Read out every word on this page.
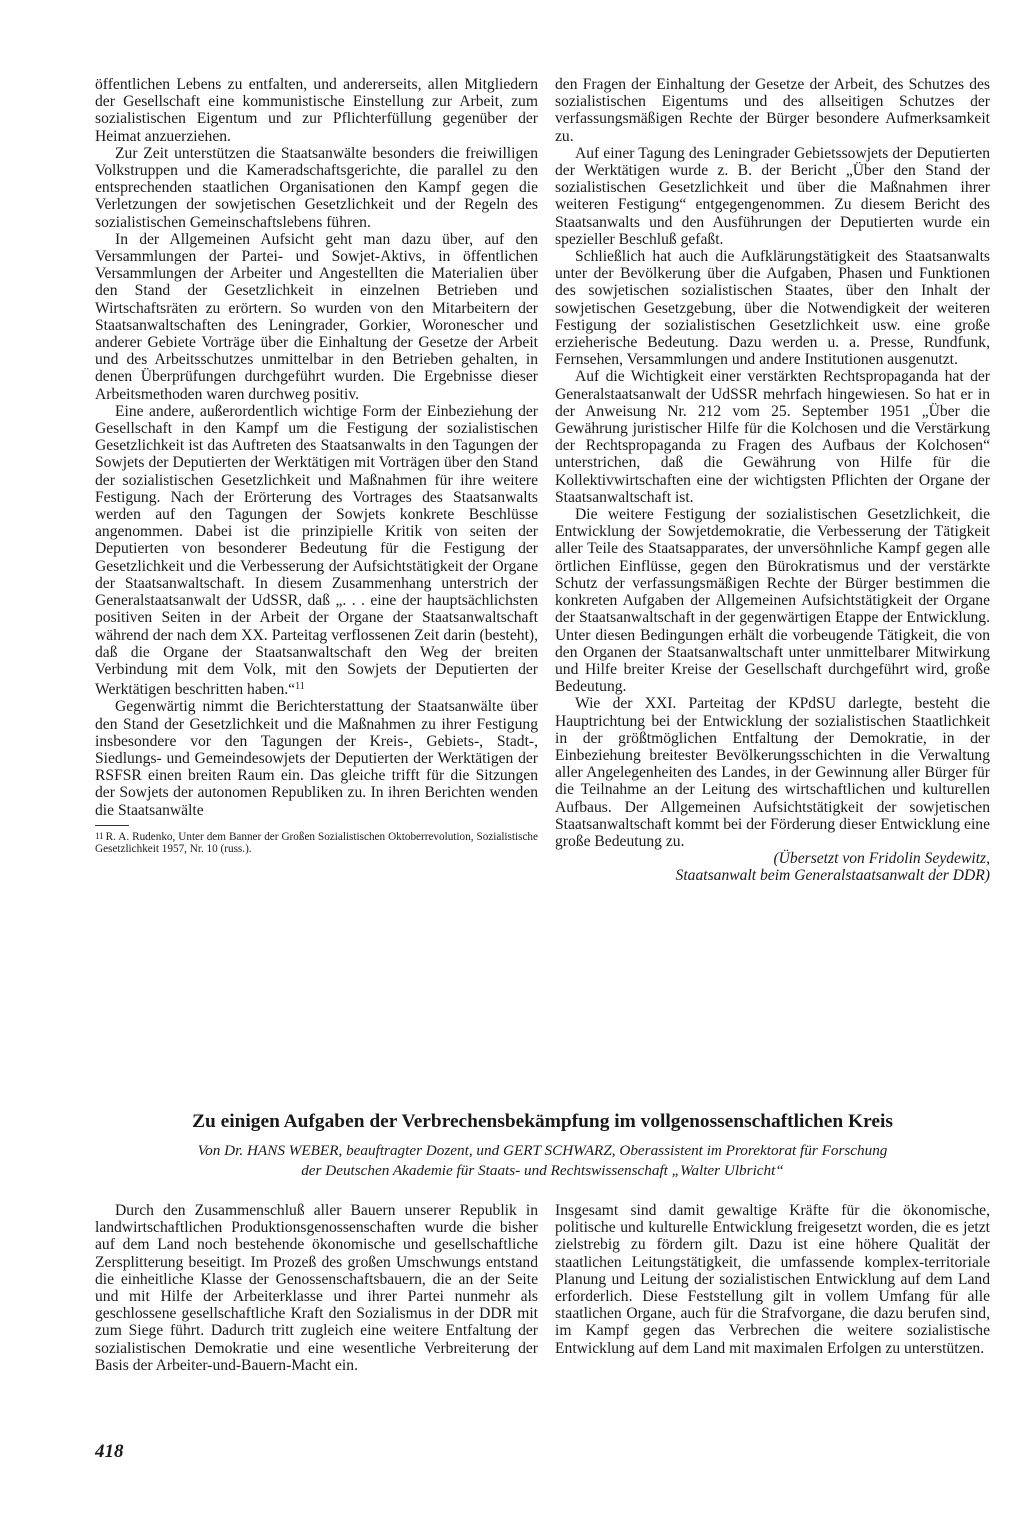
öffentlichen Lebens zu entfalten, und andererseits, allen Mitgliedern der Gesellschaft eine kommunistische Einstellung zur Arbeit, zum sozialistischen Eigentum und zur Pflichterfüllung gegenüber der Heimat anzuerziehen.

Zur Zeit unterstützen die Staatsanwälte besonders die freiwilligen Volkstruppen und die Kameradschaftsgerichte, die parallel zu den entsprechenden staatlichen Organisationen den Kampf gegen die Verletzungen der sowjetischen Gesetzlichkeit und der Regeln des sozialistischen Gemeinschaftslebens führen.

In der Allgemeinen Aufsicht geht man dazu über, auf den Versammlungen der Partei- und Sowjet-Aktivs, in öffentlichen Versammlungen der Arbeiter und Angestellten die Materialien über den Stand der Gesetzlichkeit in einzelnen Betrieben und Wirtschaftsräten zu erörtern. So wurden von den Mitarbeitern der Staatsanwaltschaften des Leningrader, Gorkier, Woronescher und anderer Gebiete Vorträge über die Einhaltung der Gesetze der Arbeit und des Arbeitsschutzes unmittelbar in den Betrieben gehalten, in denen Überprüfungen durchgeführt wurden. Die Ergebnisse dieser Arbeitsmethoden waren durchweg positiv.

Eine andere, außerordentlich wichtige Form der Einbeziehung der Gesellschaft in den Kampf um die Festigung der sozialistischen Gesetzlichkeit ist das Auftreten des Staatsanwalts in den Tagungen der Sowjets der Deputierten der Werktätigen mit Vorträgen über den Stand der sozialistischen Gesetzlichkeit und Maßnahmen für ihre weitere Festigung. Nach der Erörterung des Vortrages des Staatsanwalts werden auf den Tagungen der Sowjets konkrete Beschlüsse angenommen. Dabei ist die prinzipielle Kritik von seiten der Deputierten von besonderer Bedeutung für die Festigung der Gesetzlichkeit und die Verbesserung der Aufsichtstätigkeit der Organe der Staatsanwaltschaft. In diesem Zusammenhang unterstrich der Generalstaatsanwalt der UdSSR, daß „. . . eine der hauptsächlichsten positiven Seiten in der Arbeit der Organe der Staatsanwaltschaft während der nach dem XX. Parteitag verflossenen Zeit darin (besteht), daß die Organe der Staatsanwaltschaft den Weg der breiten Verbindung mit dem Volk, mit den Sowjets der Deputierten der Werktätigen beschritten haben.“$^{11}$

Gegenwärtig nimmt die Berichterstattung der Staatsanwälte über den Stand der Gesetzlichkeit und die Maßnahmen zu ihrer Festigung insbesondere vor den Tagungen der Kreis-, Gebiets-, Stadt-, Siedlungs- und Gemeindesowjets der Deputierten der Werktätigen der RSFSR einen breiten Raum ein. Das gleiche trifft für die Sitzungen der Sowjets der autonomen Republiken zu. In ihren Berichten wenden die Staatsanwälte

11 R. A. Rudenko, Unter dem Banner der Großen Sozialistischen Oktoberrevolution, Sozialistische Gesetzlichkeit 1957, Nr. 10 (russ.).

den Fragen der Einhaltung der Gesetze der Arbeit, des Schutzes des sozialistischen Eigentums und des allseitigen Schutzes der verfassungsmäßigen Rechte der Bürger besondere Aufmerksamkeit zu.

Auf einer Tagung des Leningrader Gebietssowjets der Deputierten der Werktätigen wurde z. B. der Bericht „Über den Stand der sozialistischen Gesetzlichkeit und über die Maßnahmen ihrer weiteren Festigung“ entgegengenommen. Zu diesem Bericht des Staatsanwalts und den Ausführungen der Deputierten wurde ein spezieller Beschluß gefaßt.

Schließlich hat auch die Aufklärungstätigkeit des Staatsanwalts unter der Bevölkerung über die Aufgaben, Phasen und Funktionen des sowjetischen sozialistischen Staates, über den Inhalt der sowjetischen Gesetzgebung, über die Notwendigkeit der weiteren Festigung der sozialistischen Gesetzlichkeit usw. eine große erzieherische Bedeutung. Dazu werden u. a. Presse, Rundfunk, Fernsehen, Versammlungen und andere Institutionen ausgenutzt.

Auf die Wichtigkeit einer verstärkten Rechtspropaganda hat der Generalstaatsanwalt der UdSSR mehrfach hingewiesen. So hat er in der Anweisung Nr. 212 vom 25. September 1951 „Über die Gewährung juristischer Hilfe für die Kolchosen und die Verstärkung der Rechtspropaganda zu Fragen des Aufbaus der Kolchosen“ unterstrichen, daß die Gewährung von Hilfe für die Kollektivwirtschaften eine der wichtigsten Pflichten der Organe der Staatsanwaltschaft ist.

Die weitere Festigung der sozialistischen Gesetzlichkeit, die Entwicklung der Sowjetdemokratie, die Verbesserung der Tätigkeit aller Teile des Staatsapparates, der unversöhnliche Kampf gegen alle örtlichen Einflüsse, gegen den Bürokratismus und der verstärkte Schutz der verfassungsmäßigen Rechte der Bürger bestimmen die konkreten Aufgaben der Allgemeinen Aufsichtstätigkeit der Organe der Staatsanwaltschaft in der gegenwärtigen Etappe der Entwicklung. Unter diesen Bedingungen erhält die vorbeugende Tätigkeit, die von den Organen der Staatsanwaltschaft unter unmittelbarer Mitwirkung und Hilfe breiter Kreise der Gesellschaft durchgeführt wird, große Bedeutung.

Wie der XXI. Parteitag der KPdSU darlegte, besteht die Hauptrichtung bei der Entwicklung der sozialistischen Staatlichkeit in der größtmöglichen Entfaltung der Demokratie, in der Einbeziehung breitester Bevölkerungsschichten in die Verwaltung aller Angelegenheiten des Landes, in der Gewinnung aller Bürger für die Teilnahme an der Leitung des wirtschaftlichen und kulturellen Aufbaus. Der Allgemeinen Aufsichtstätigkeit der sowjetischen Staatsanwaltschaft kommt bei der Förderung dieser Entwicklung eine große Bedeutung zu.

(Übersetzt von Fridolin Seydewitz,

Staatsanwalt beim Generalstaatsanwalt der DDR)

Zu einigen Aufgaben der Verbrechensbekämpfung im vollgenossenschaftlichen Kreis
Von Dr. HANS WEBER, beauftragter Dozent, und GERT SCHWARZ, Oberassistent im Prorektorat für Forschung
der Deutschen Akademie für Staats- und Rechtswissenschaft „Walter Ulbricht“

Durch den Zusammenschluß aller Bauern unserer Republik in landwirtschaftlichen Produktionsgenossenschaften wurde die bisher auf dem Land noch bestehende ökonomische und gesellschaftliche Zersplitterung beseitigt. Im Prozeß des großen Umschwungs entstand die einheitliche Klasse der Genossenschaftsbauern, die an der Seite und mit Hilfe der Arbeiterklasse und ihrer Partei nunmehr als geschlossene gesellschaftliche Kraft den Sozialismus in der DDR mit zum Siege führt. Dadurch tritt zugleich eine weitere Entfaltung der sozialistischen Demokratie und eine wesentliche Verbreiterung der Basis der Arbeiter-und-Bauern-Macht ein.

Insgesamt sind damit gewaltige Kräfte für die ökonomische, politische und kulturelle Entwicklung freigesetzt worden, die es jetzt zielstrebig zu fördern gilt. Dazu ist eine höhere Qualität der staatlichen Leitungstätigkeit, die umfassende komplex-territoriale Planung und Leitung der sozialistischen Entwicklung auf dem Land erforderlich. Diese Feststellung gilt in vollem Umfang für alle staatlichen Organe, auch für die Strafvorgane, die dazu berufen sind, im Kampf gegen das Verbrechen die weitere sozialistische Entwicklung auf dem Land mit maximalen Erfolgen zu unterstützen.

418
